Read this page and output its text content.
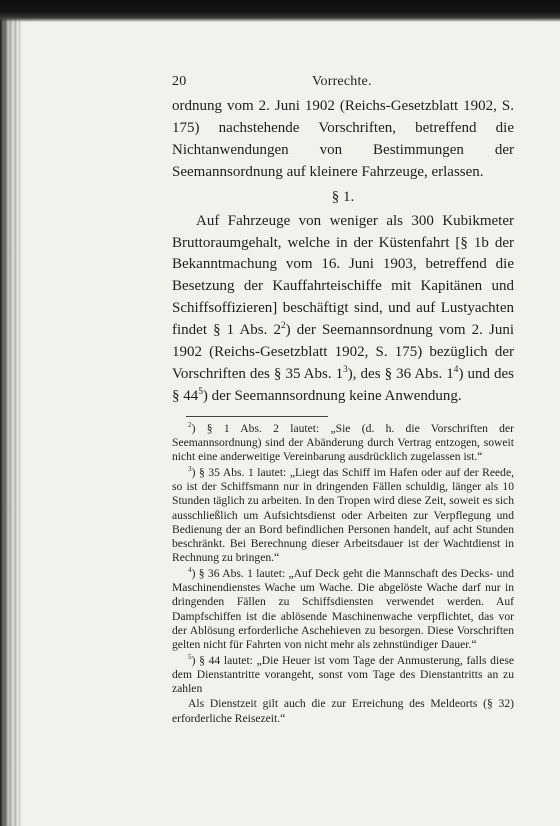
20	Vorrechte.

ordnung vom 2. Juni 1902 (Reichs-Gesetzblatt 1902, S. 175) nachstehende Vorschriften, betreffend die Nichtanwendungen von Bestimmungen der Seemannsordnung auf kleinere Fahrzeuge, erlassen.

§ 1.

Auf Fahrzeuge von weniger als 300 Kubikmeter Bruttoraumgehalt, welche in der Küstenfahrt [§ 1b der Bekanntmachung vom 16. Juni 1903, betreffend die Besetzung der Kauffahrteischiffe mit Kapitänen und Schiffsoffizieren] beschäftigt sind, und auf Lustyachten findet § 1 Abs. $2^2$) der Seemannsordnung vom 2. Juni 1902 (Reichs-Gesetzblatt 1902, S. 175) bezüglich der Vorschriften des § 35 Abs. $1^3$), des § 36 Abs. $1^4$) und des § $44^5$) der Seemannsordnung keine Anwendung.

$^2$) § 1 Abs. 2 lautet: „Sie (d. h. die Vorschriften der Seemannsordnung) sind der Abänderung durch Vertrag entzogen, soweit nicht eine anderweitige Vereinbarung ausdrücklich zugelassen ist.“

$^3$) § 35 Abs. 1 lautet: „Liegt das Schiff im Hafen oder auf der Reede, so ist der Schiffsmann nur in dringenden Fällen schuldig, länger als 10 Stunden täglich zu arbeiten. In den Tropen wird diese Zeit, soweit es sich ausschließlich um Aufsichtsdienst oder Arbeiten zur Verpflegung und Bedienung der an Bord befindlichen Personen handelt, auf acht Stunden beschränkt. Bei Berechnung dieser Arbeitsdauer ist der Wachtdienst in Rechnung zu bringen.“

$^4$) § 36 Abs. 1 lautet: „Auf Deck geht die Mannschaft des Decks- und Maschinendienstes Wache um Wache. Die abgelöste Wache darf nur in dringenden Fällen zu Schiffsdiensten verwendet werden. Auf Dampfschiffen ist die ablösende Maschinenwache verpflichtet, das vor der Ablösung erforderliche Aschehieven zu besorgen. Diese Vorschriften gelten nicht für Fahrten von nicht mehr als zehnstündiger Dauer.“

$^5$) § 44 lautet: „Die Heuer ist vom Tage der Anmusterung, falls diese dem Dienstantritte vorangeht, sonst vom Tage des Dienstantritts an zu zahlen

Als Dienstzeit gilt auch die zur Erreichung des Meldeorts (§ 32) erforderliche Reisezeit.“
